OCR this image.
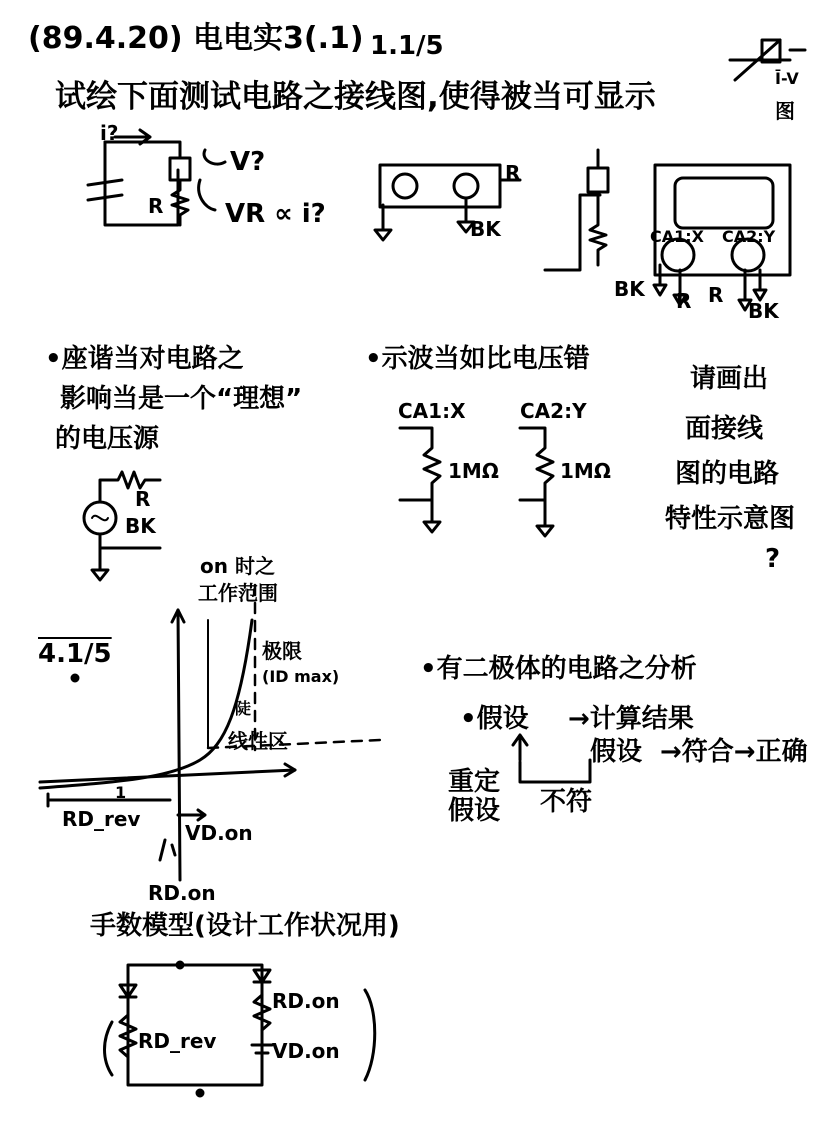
(89.4.20) 电电实3(.1) 1.1/5
试绘下面测试电路之接线图,使得被当可显示
Ī-V
图
i?
V?
R VR ∝ i?
R
BK	CA1:X CA2:Y
BK R R
BK
•座谐当对电路之
影响当是一个“理想”
的电压源
R
BK
•示波当如比电压错
CA1:X	CA2:Y
1MΩ	1MΩ
请画出
面接线
图的电路
特性示意图
?
4.1/5
on 时之
工作范围
极限
(ID max)
陡
线性区
1
RD_rev
VD.on
RD.on
•有二极体的电路之分析
•假设 →计算结果
假设 →符合→正确
重定假设	不符
手数模型(设计工作状况用)
RD_rev
RD.on
VD.on
